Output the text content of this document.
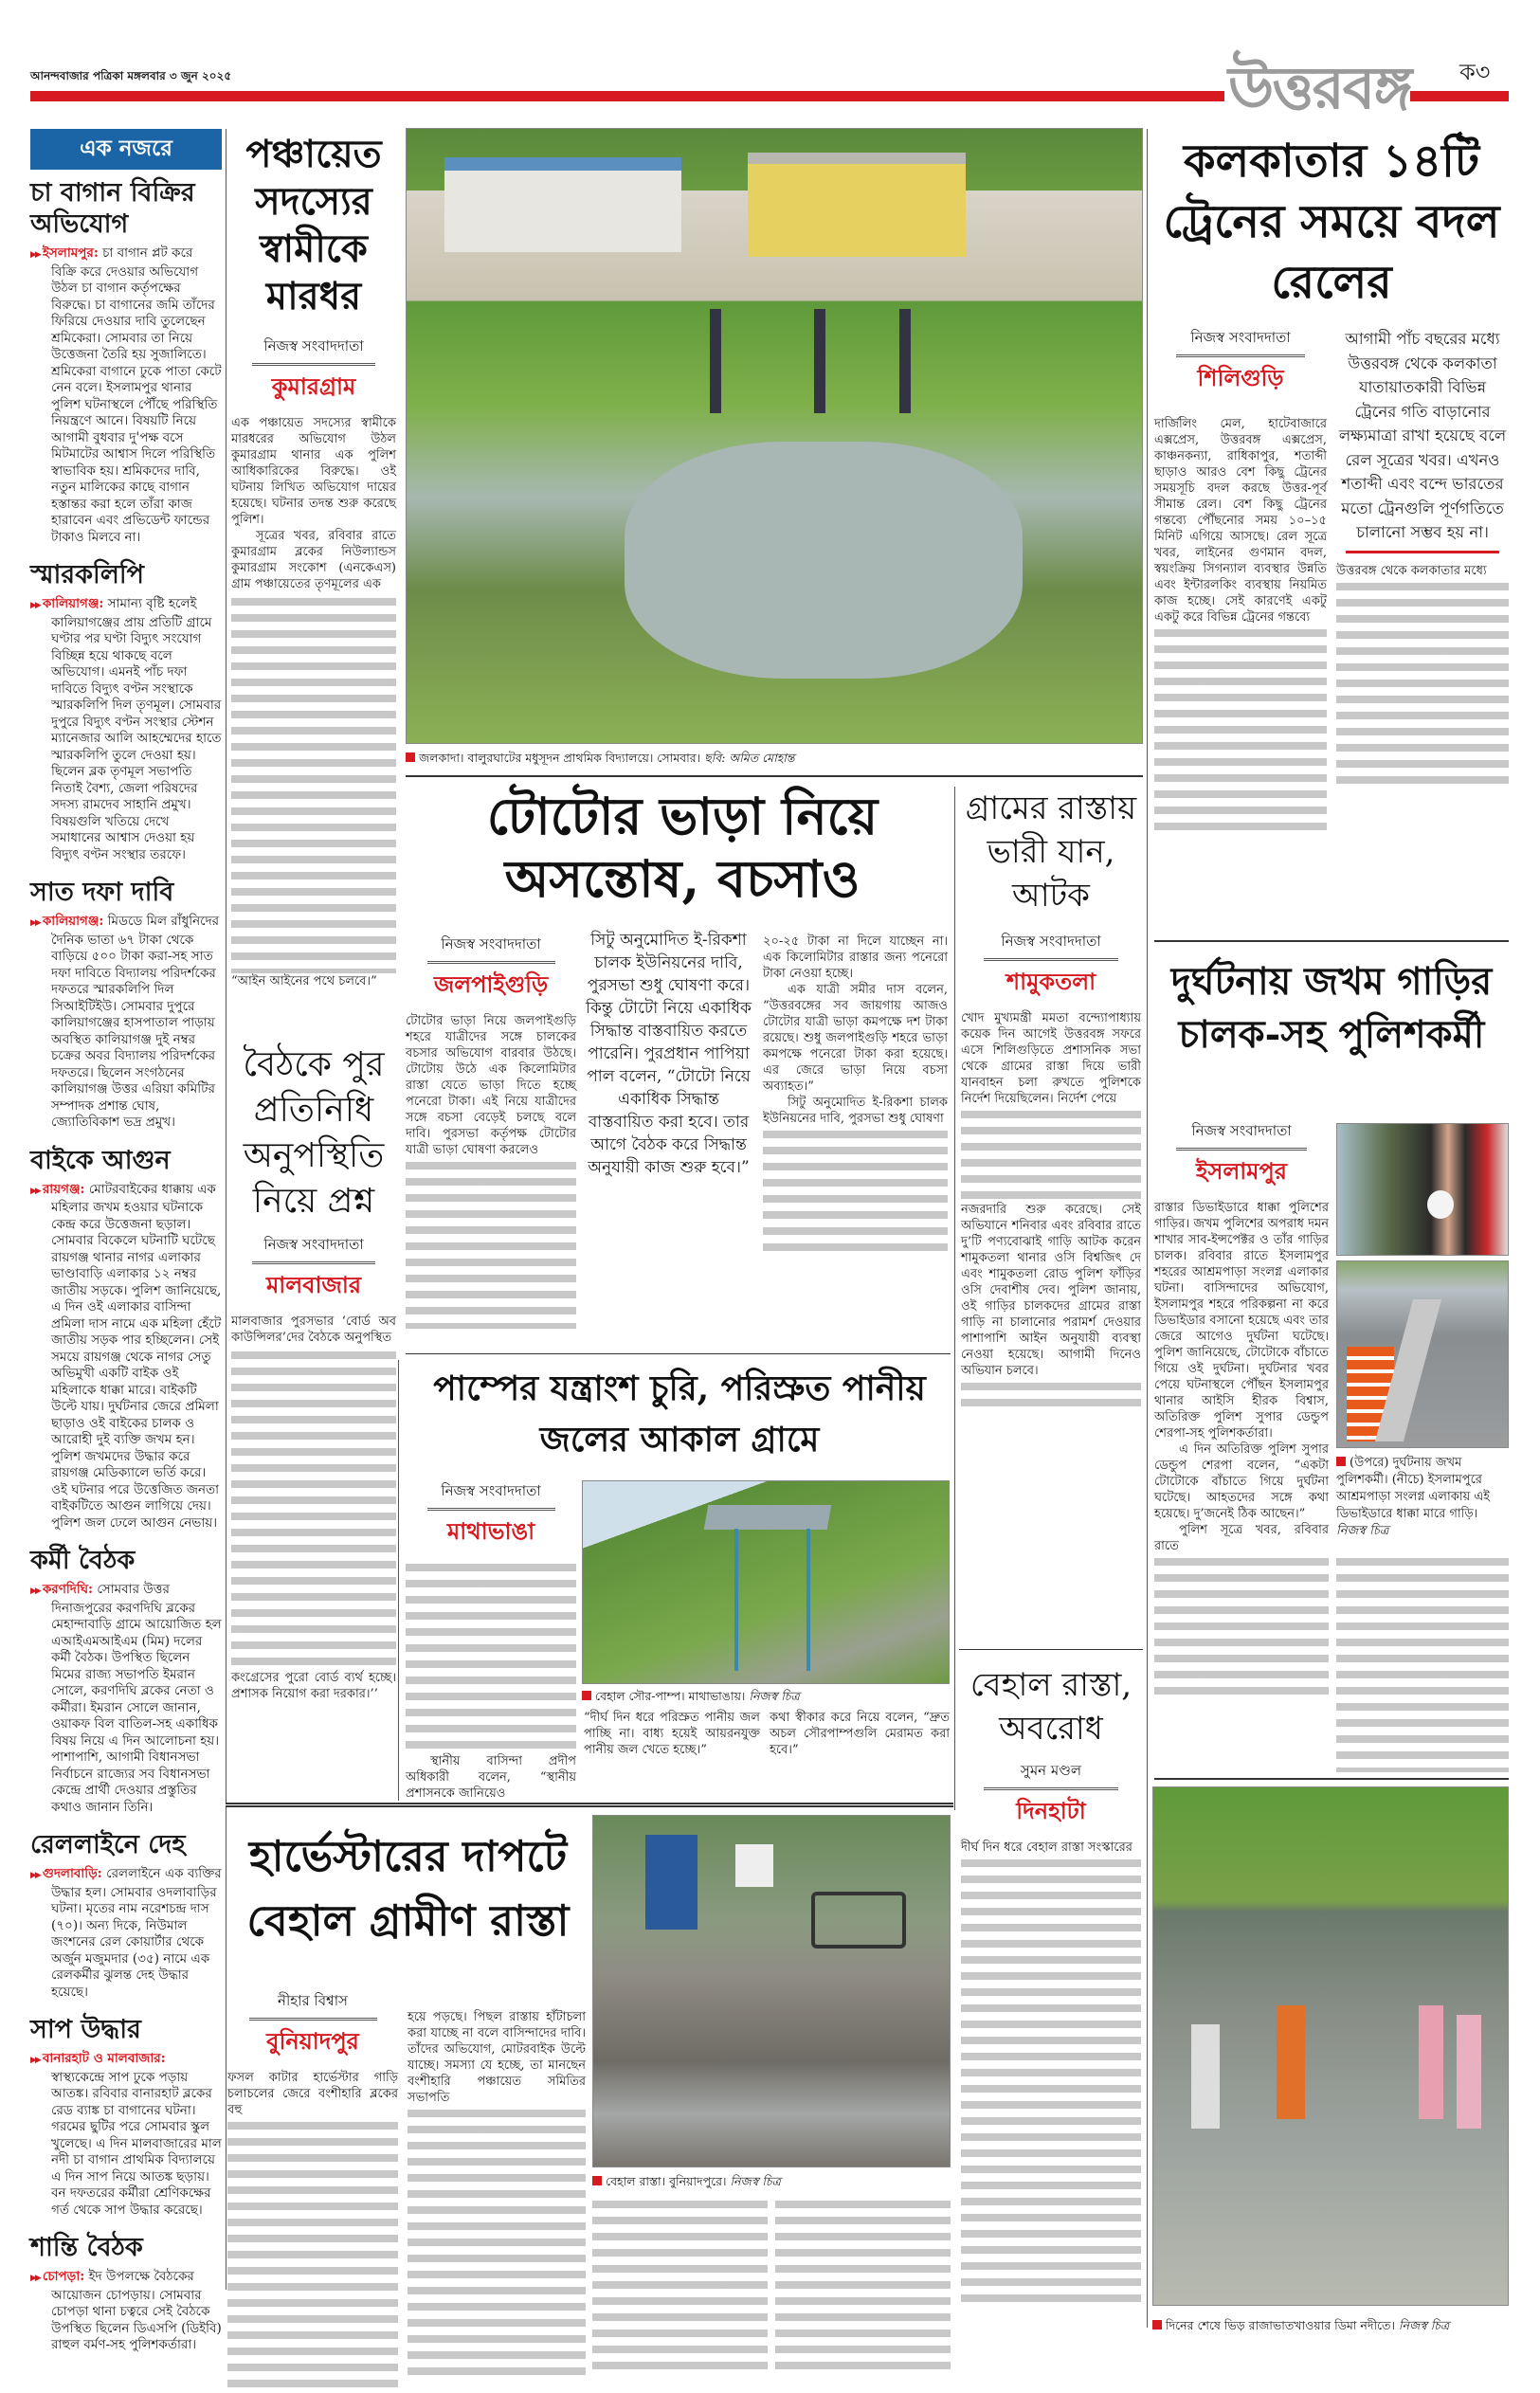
আনন্দবাজার পত্রিকা মঙ্গলবার ৩ জুন ২০২৫	উত্তরবঙ্গ ক৩
এক নজরে
চা বাগান বিক্রির অভিযোগ

▶▶ ইসলামপুর: চা বাগান প্লট করে বিক্রি করে দেওয়ার অভিযোগ উঠল চা বাগান কর্তৃপক্ষের বিরুদ্ধে। চা বাগানের জমি তাঁদের ফিরিয়ে দেওয়ার দাবি তুলেছেন শ্রমিকেরা। সোমবার তা নিয়ে উত্তেজনা তৈরি হয় সুজালিতে। শ্রমিকেরা বাগানে ঢুকে পাতা কেটে নেন বলে। ইসলামপুর থানার পুলিশ ঘটনাস্থলে পৌঁছে পরিস্থিতি নিয়ন্ত্রণে আনে। বিষয়টি নিয়ে আগামী বুধবার দু'পক্ষ বসে মিটমাটের আশ্বাস দিলে পরিস্থিতি স্বাভাবিক হয়। শ্রমিকদের দাবি, নতুন মালিকের কাছে বাগান হস্তান্তর করা হলে তাঁরা কাজ হারাবেন এবং প্রভিডেন্ট ফান্ডের টাকাও মিলবে না।

স্মারকলিপি

▶▶ কালিয়াগঞ্জ: সামান্য বৃষ্টি হলেই কালিয়াগঞ্জের প্রায় প্রতিটি গ্রামে ঘণ্টার পর ঘণ্টা বিদ্যুৎ সংযোগ বিচ্ছিন্ন হয়ে থাকছে বলে অভিযোগ। এমনই পাঁচ দফা দাবিতে বিদ্যুৎ বণ্টন সংস্থাকে স্মারকলিপি দিল তৃণমূল। সোমবার দুপুরে বিদ্যুৎ বণ্টন সংস্থার স্টেশন ম্যানেজার আলি আহম্মেদের হাতে স্মারকলিপি তুলে দেওয়া হয়। ছিলেন ব্লক তৃণমূল সভাপতি নিতাই বৈশ্য, জেলা পরিষদের সদস্য রামদেব সাহানি প্রমুখ। বিষয়গুলি খতিয়ে দেখে সমাধানের আশ্বাস দেওয়া হয় বিদ্যুৎ বণ্টন সংস্থার তরফে।

সাত দফা দাবি

▶▶ কালিয়াগঞ্জ: মিডডে মিল রাঁধুনিদের দৈনিক ভাতা ৬৭ টাকা থেকে বাড়িয়ে ৫০০ টাকা করা-সহ সাত দফা দাবিতে বিদ্যালয় পরিদর্শকের দফতরে স্মারকলিপি দিল সিআইটিইউ। সোমবার দুপুরে কালিয়াগঞ্জের হাসপাতাল পাড়ায় অবস্থিত কালিয়াগঞ্জ দুই নম্বর চক্রের অবর বিদ্যালয় পরিদর্শকের দফতরে। ছিলেন সংগঠনের কালিয়াগঞ্জ উত্তর এরিয়া কমিটির সম্পাদক প্রশান্ত ঘোষ, জ্যোতিবিকাশ ভদ্র প্রমুখ।

বাইকে আগুন

▶▶ রায়গঞ্জ: মোটরবাইকের ধাক্কায় এক মহিলার জখম হওয়ার ঘটনাকে কেন্দ্র করে উত্তেজনা ছড়াল। সোমবার বিকেলে ঘটনাটি ঘটেছে রায়গঞ্জ থানার নাগর এলাকার ভাণ্ডাবাড়ি এলাকার ১২ নম্বর জাতীয় সড়কে। পুলিশ জানিয়েছে, এ দিন ওই এলাকার বাসিন্দা প্রমিলা দাস নামে এক মহিলা হেঁটে জাতীয় সড়ক পার হচ্ছিলেন। সেই সময়ে রায়গঞ্জ থেকে নাগর সেতু অভিমুখী একটি বাইক ওই মহিলাকে ধাক্কা মারে। বাইকটি উল্টে যায়। দুর্ঘটনার জেরে প্রমিলা ছাড়াও ওই বাইকের চালক ও আরোহী দুই ব্যক্তি জখম হন। পুলিশ জখমদের উদ্ধার করে রায়গঞ্জ মেডিক্যালে ভর্তি করে। ওই ঘটনার পরে উত্তেজিত জনতা বাইকটিতে আগুন লাগিয়ে দেয়। পুলিশ জল ঢেলে আগুন নেভায়।

কর্মী বৈঠক

▶▶ করণদিঘি: সোমবার উত্তর দিনাজপুরের করণদিঘি ব্লকের মেহান্দাবাড়ি গ্রামে আয়োজিত হল এআইএমআইএম (মিম) দলের কর্মী বৈঠক। উপস্থিত ছিলেন মিমের রাজ্য সভাপতি ইমরান সোলে, করণদিঘি ব্লকের নেতা ও কর্মীরা। ইমরান সোলে জানান, ওয়াকফ বিল বাতিল-সহ একাধিক বিষয় নিয়ে এ দিন আলোচনা হয়। পাশাপাশি, আগামী বিধানসভা নির্বাচনে রাজ্যের সব বিধানসভা কেন্দ্রে প্রার্থী দেওয়ার প্রস্তুতির কথাও জানান তিনি।

রেললাইনে দেহ

▶▶ গুদলাবাড়ি: রেললাইনে এক ব্যক্তির উদ্ধার হল। সোমবার ওদলাবাড়ির ঘটনা। মৃতের নাম নরেশচন্দ্র দাস (৭০)। অন্য দিকে, নিউমাল জংশনের রেল কোয়ার্টার থেকে অর্জুন মজুমদার (৩৫) নামে এক রেলকর্মীর ঝুলন্ত দেহ উদ্ধার হয়েছে।

সাপ উদ্ধার

▶▶ বানারহাট ও মালবাজার: স্বাস্থ্যকেন্দ্রে সাপ ঢুকে পড়ায় আতঙ্ক। রবিবার বানারহাট ব্লকের রেড ব্যাঙ্ক চা বাগানের ঘটনা। গরমের ছুটির পরে সোমবার স্কুল খুলেছে। এ দিন মালবাজারের মাল নদী চা বাগান প্রাথমিক বিদ্যালয়ে এ দিন সাপ নিয়ে আতঙ্ক ছড়ায়। বন দফতরের কর্মীরা শ্রেণিকক্ষের গর্ত থেকে সাপ উদ্ধার করেছে।

শান্তি বৈঠক

▶▶ চোপড়া: ইদ উপলক্ষে বৈঠকের আয়োজন চোপড়ায়। সোমবার চোপড়া থানা চত্বরে সেই বৈঠকে উপস্থিত ছিলেন ডিএসপি (ডিইবি) রাহুল বর্মণ-সহ পুলিশকর্তারা।

পঞ্চায়েত সদস্যের স্বামীকে মারধর
নিজস্ব সংবাদদাতা
কুমারগ্রাম

এক পঞ্চায়েত সদস্যের স্বামীকে মারধরের অভিযোগ উঠল কুমারগ্রাম থানার এক পুলিশ আধিকারিকের বিরুদ্ধে। ওই ঘটনায় লিখিত অভিযোগ দায়ের হয়েছে। ঘটনার তদন্ত শুরু করেছে পুলিশ।

সূত্রের খবর, রবিবার রাতে কুমারগ্রাম ব্লকের নিউল্যান্ডস কুমারগ্রাম সংকোশ (এনকেএস) গ্রাম পঞ্চায়েতের তৃণমূলের এক

“আইন আইনের পথে চলবে।”

বৈঠকে পুর প্রতিনিধি অনুপস্থিতি নিয়ে প্রশ্ন
নিজস্ব সংবাদদাতা
মালবাজার

মালবাজার পুরসভার ‘বোর্ড অব কাউন্সিলর’দের বৈঠকে অনুপস্থিত

কংগ্রেসের পুরো বোর্ড ব্যর্থ হচ্ছে। প্রশাসক নিয়োগ করা দরকার।’’

জলকাদা। বালুরঘাটের মধুসূদন প্রাথমিক বিদ্যালয়ে। সোমবার। ছবি: অমিত মোহান্ত
টোটোর ভাড়া নিয়ে অসন্তোষ, বচসাও
নিজস্ব সংবাদদাতা
জলপাইগুড়ি

টোটোর ভাড়া নিয়ে জলপাইগুড়ি শহরে যাত্রীদের সঙ্গে চালকের বচসার অভিযোগ বারবার উঠছে। টোটোয় উঠে এক কিলোমিটার রাস্তা যেতে ভাড়া দিতে হচ্ছে পনেরো টাকা। এই নিয়ে যাত্রীদের সঙ্গে বচসা বেড়েই চলছে বলে দাবি। পুরসভা কর্তৃপক্ষ টোটোর যাত্রী ভাড়া ঘোষণা করলেও

সিটু অনুমোদিত ই-রিকশা চালক ইউনিয়নের দাবি, পুরসভা শুধু ঘোষণা করে। কিন্তু টোটো নিয়ে একাধিক সিদ্ধান্ত বাস্তবায়িত করতে পারেনি। পুরপ্রধান পাপিয়া পাল বলেন, “টোটো নিয়ে একাধিক সিদ্ধান্ত বাস্তবায়িত করা হবে। তার আগে বৈঠক করে সিদ্ধান্ত অনুযায়ী কাজ শুরু হবে।”

২০-২৫ টাকা না দিলে যাচ্ছেন না। এক কিলোমিটার রাস্তার জন্য পনেরো টাকা নেওয়া হচ্ছে।

এক যাত্রী সমীর দাস বলেন, “উত্তরবঙ্গের সব জায়গায় আজও টোটোর যাত্রী ভাড়া কমপক্ষে দশ টাকা রয়েছে। শুধু জলপাইগুড়ি শহরে ভাড়া কমপক্ষে পনেরো টাকা করা হয়েছে। এর জেরে ভাড়া নিয়ে বচসা অব্যাহত।”

সিটু অনুমোদিত ই-রিকশা চালক ইউনিয়নের দাবি, পুরসভা শুধু ঘোষণা

গ্রামের রাস্তায় ভারী যান, আটক
নিজস্ব সংবাদদাতা
শামুকতলা

খোদ মুখ্যমন্ত্রী মমতা বন্দ্যোপাধ্যায় কয়েক দিন আগেই উত্তরবঙ্গ সফরে এসে শিলিগুড়িতে প্রশাসনিক সভা থেকে গ্রামের রাস্তা দিয়ে ভারী যানবাহন চলা রুখতে পুলিশকে নির্দেশ দিয়েছিলেন। নির্দেশ পেয়ে

নজরদারি শুরু করেছে। সেই অভিযানে শনিবার এবং রবিবার রাতে দু’টি পণ্যবোঝাই গাড়ি আটক করেন শামুকতলা থানার ওসি বিশ্বজিৎ দে এবং শামুকতলা রোড পুলিশ ফাঁড়ির ওসি দেবাশীষ দেব। পুলিশ জানায়, ওই গাড়ির চালকদের গ্রামের রাস্তা গাড়ি না চালানোর পরামর্শ দেওয়ার পাশাপাশি আইন অনুযায়ী ব্যবস্থা নেওয়া হয়েছে। আগামী দিনেও অভিযান চলবে।

বেহাল রাস্তা, অবরোধ
সুমন মণ্ডল
দিনহাটা

দীর্ঘ দিন ধরে বেহাল রাস্তা সংস্কারের

পাম্পের যন্ত্রাংশ চুরি, পরিস্রুত পানীয় জলের আকাল গ্রামে
নিজস্ব সংবাদদাতা
মাথাভাঙা

স্থানীয় বাসিন্দা প্রদীপ অধিকারী বলেন, “স্থানীয় প্রশাসনকে জানিয়েও

বেহাল সৌর-পাম্প। মাথাভাঙায়। নিজস্ব চিত্র

“দীর্ঘ দিন ধরে পরিস্রুত পানীয় জল পাচ্ছি না। বাধ্য হয়েই আয়রনযুক্ত পানীয় জল খেতে হচ্ছে।”

কথা স্বীকার করে নিয়ে বলেন, “দ্রুত অচল সৌরপাম্পগুলি মেরামত করা হবে।”

হার্ভেস্টারের দাপটে বেহাল গ্রামীণ রাস্তা
বেহাল রাস্তা। বুনিয়াদপুরে। নিজস্ব চিত্র
নীহার বিশ্বাস
বুনিয়াদপুর

ফসল কাটার হার্ভেস্টার গাড়ি চলাচলের জেরে বংশীহারি ব্লকের বহু

হয়ে পড়ছে। পিছল রাস্তায় হাঁটাচলা করা যাচ্ছে না বলে বাসিন্দাদের দাবি। তাঁদের অভিযোগ, মোটরবাইক উল্টে যাচ্ছে। সমস্যা যে হচ্ছে, তা মানছেন বংশীহারি পঞ্চায়েত সমিতির সভাপতি

কলকাতার ১৪টি ট্রেনের সময়ে বদল রেলের
নিজস্ব সংবাদদাতা
শিলিগুড়ি

দার্জিলিং মেল, হাটেবাজারে এক্সপ্রেস, উত্তরবঙ্গ এক্সপ্রেস, কাঞ্চনকন্যা, রাধিকাপুর, শতাব্দী ছাড়াও আরও বেশ কিছু ট্রেনের সময়সূচি বদল করছে উত্তর-পূর্ব সীমান্ত রেল। বেশ কিছু ট্রেনের গন্তব্যে পৌঁছনোর সময় ১০–১৫ মিনিট এগিয়ে আসছে। রেল সূত্রে খবর, লাইনের গুণমান বদল, স্বয়ংক্রিয় সিগন্যাল ব্যবস্থার উন্নতি এবং ইন্টারলকিং ব্যবস্থায় নিয়মিত কাজ হচ্ছে। সেই কারণেই একটু একটু করে বিভিন্ন ট্রেনের গন্তব্যে

আগামী পাঁচ বছরের মধ্যে উত্তরবঙ্গ থেকে কলকাতা যাতায়াতকারী বিভিন্ন ট্রেনের গতি বাড়ানোর লক্ষ্যমাত্রা রাখা হয়েছে বলে রেল সূত্রের খবর। এখনও শতাব্দী এবং বন্দে ভারতের মতো ট্রেনগুলি পূর্ণগতিতে চালানো সম্ভব হয় না।

উত্তরবঙ্গ থেকে কলকাতার মধ্যে

দুর্ঘটনায় জখম গাড়ির চালক-সহ পুলিশকর্মী
নিজস্ব সংবাদদাতা
ইসলামপুর

রাস্তার ডিভাইডারে ধাক্কা পুলিশের গাড়ির। জখম পুলিশের অপরাধ দমন শাখার সাব-ইন্সপেক্টর ও তাঁর গাড়ির চালক। রবিবার রাতে ইসলামপুর শহরের আশ্রমপাড়া সংলগ্ন এলাকার ঘটনা। বাসিন্দাদের অভিযোগ, ইসলামপুর শহরে পরিকল্পনা না করে ডিভাইডার বসানো হয়েছে এবং তার জেরে আগেও দুর্ঘটনা ঘটেছে। পুলিশ জানিয়েছে, টোটোকে বাঁচাতে গিয়ে ওই দুর্ঘটনা। দুর্ঘটনার খবর পেয়ে ঘটনাস্থলে পৌঁছন ইসলামপুর থানার আইসি হীরক বিশ্বাস, অতিরিক্ত পুলিশ সুপার ডেন্ডুপ শেরপা-সহ পুলিশকর্তারা।

এ দিন অতিরিক্ত পুলিশ সুপার ডেন্ডুপ শেরপা বলেন, “একটা টোটোকে বাঁচাতে গিয়ে দুর্ঘটনা ঘটেছে। আহতদের সঙ্গে কথা হয়েছে। দু’জনেই ঠিক আছেন।”

পুলিশ সূত্রে খবর, রবিবার রাতে

(উপরে) দুর্ঘটনায় জখম পুলিশকর্মী। (নীচে) ইসলামপুরে আশ্রমপাড়া সংলগ্ন এলাকায় এই ডিভাইডারে ধাক্কা মারে গাড়ি। নিজস্ব চিত্র
দিনের শেষে ভিড় রাজাভাতখাওয়ার ডিমা নদীতে। নিজস্ব চিত্র
